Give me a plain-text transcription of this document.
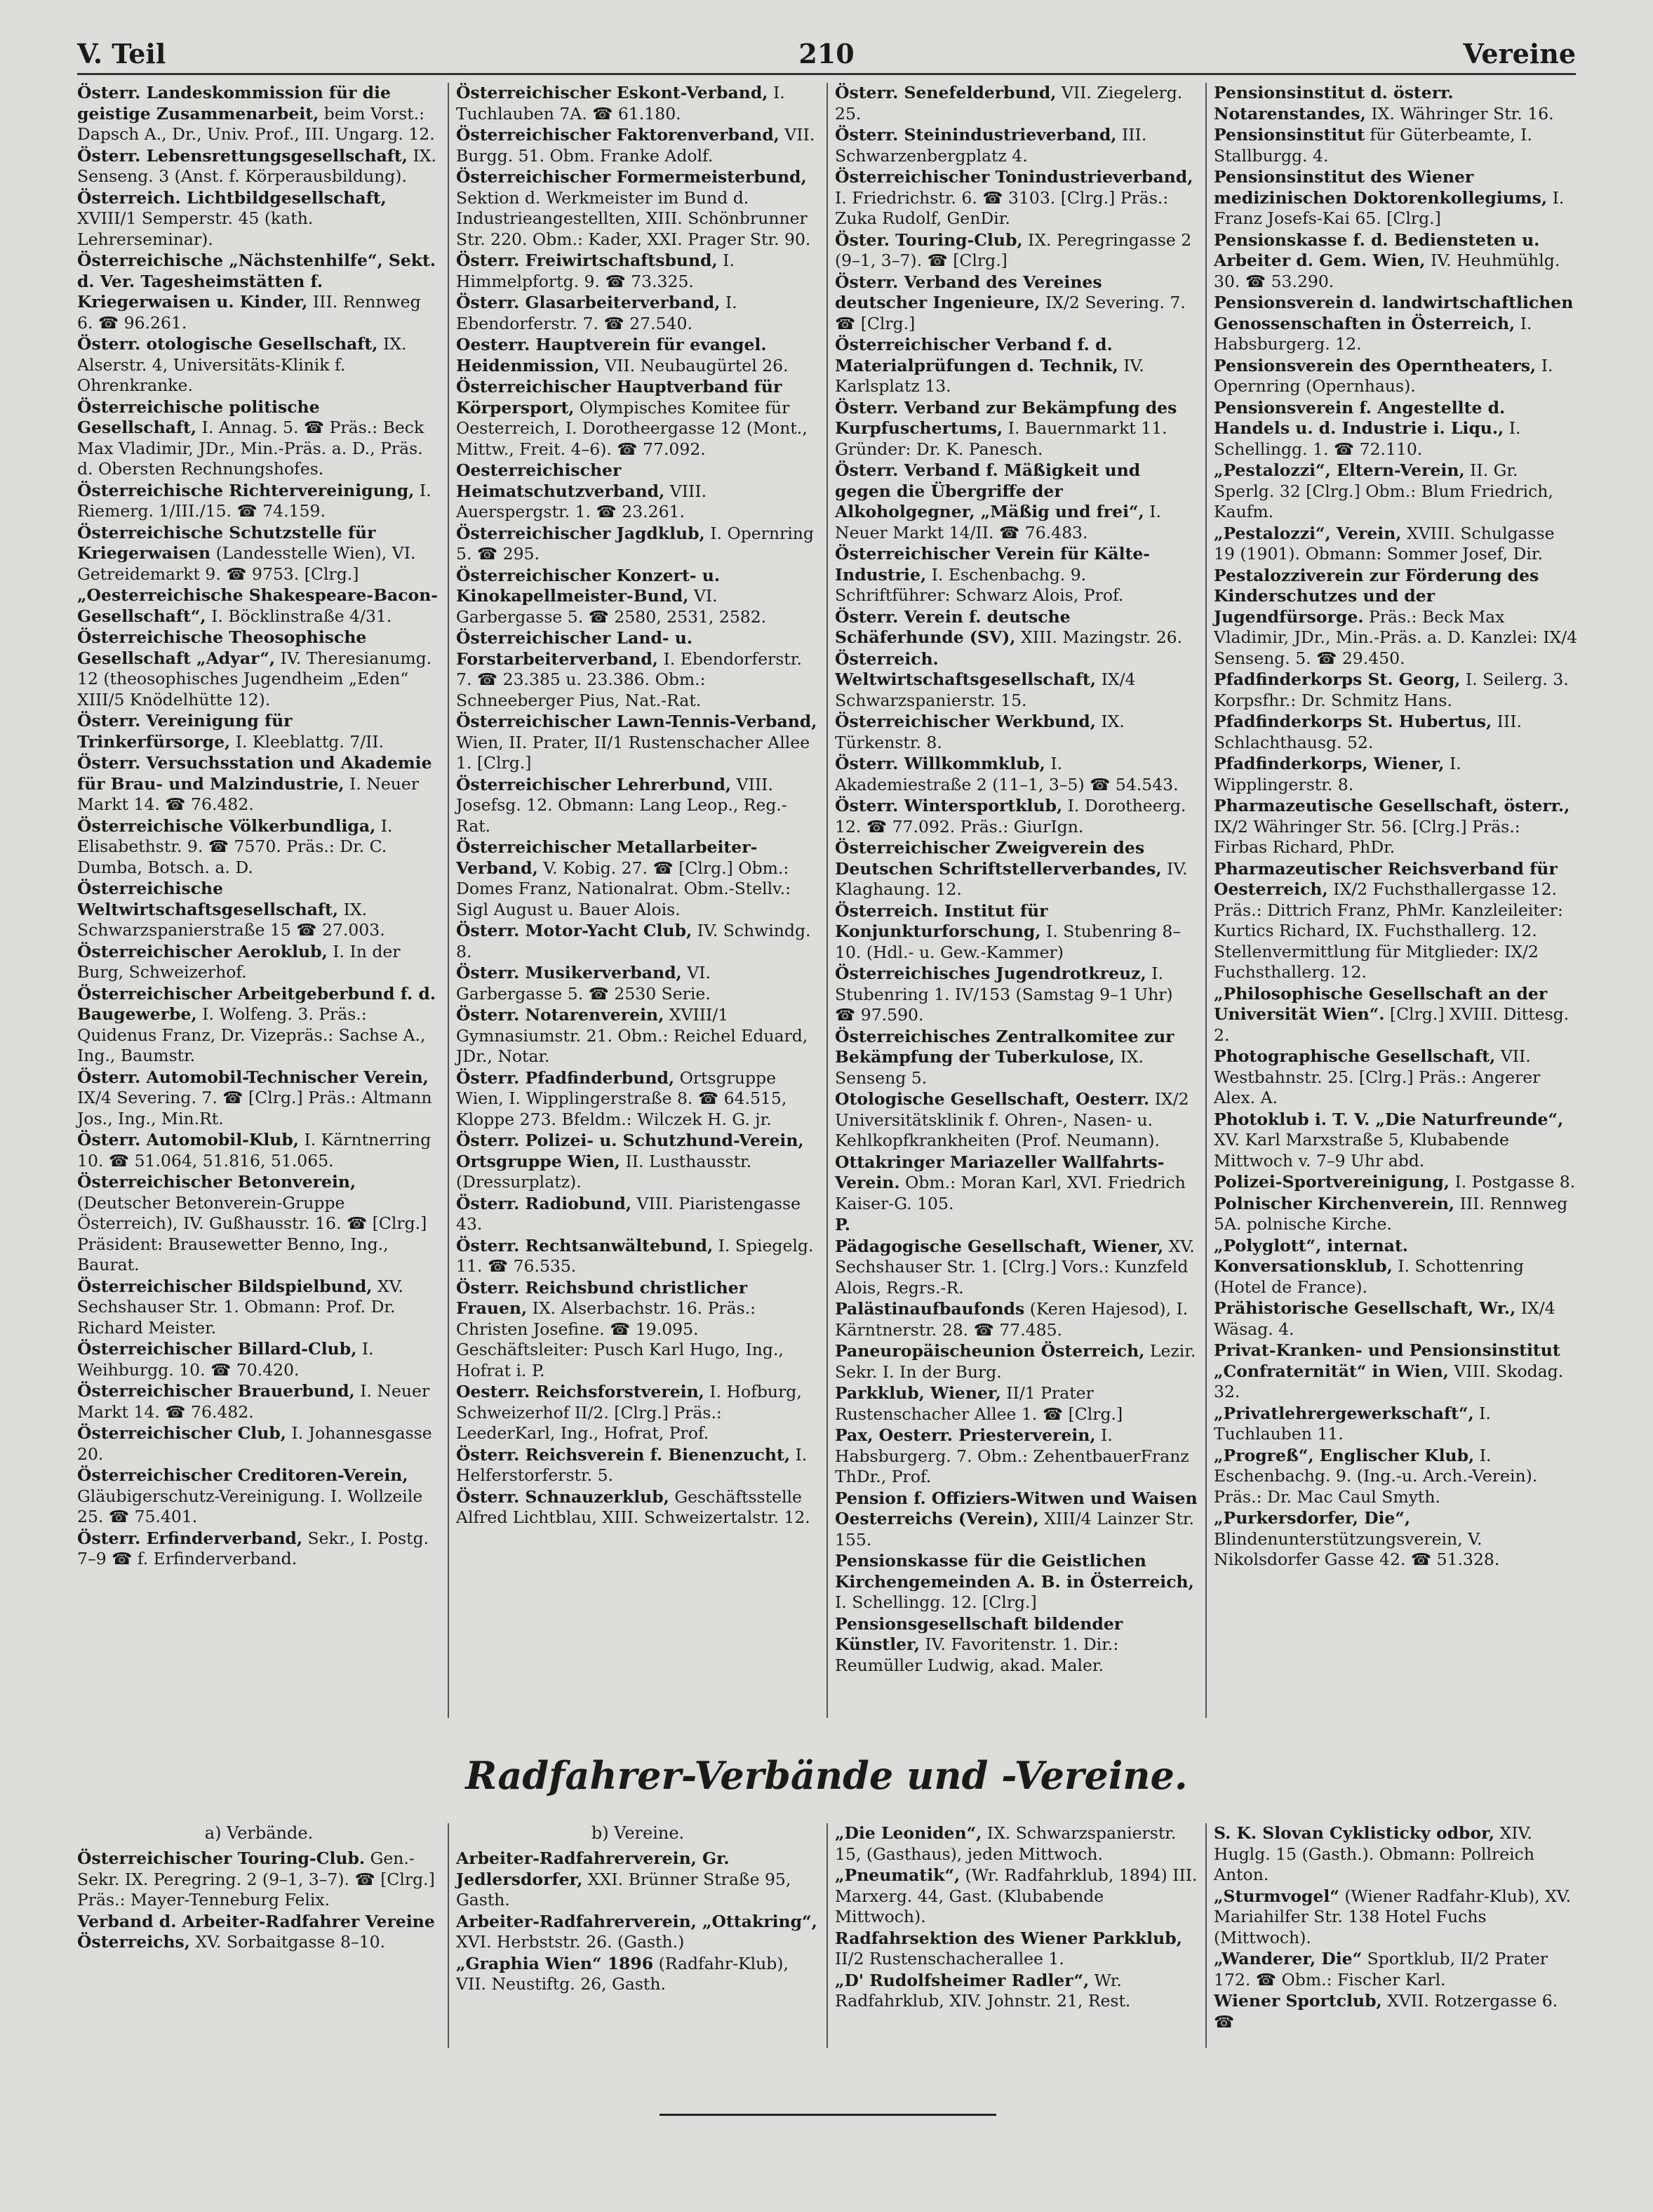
V. Teil	210	Vereine
Österr. Landeskommission für die geistige Zusammenarbeit, beim Vorst.: Dapsch A., Dr., Univ. Prof., III. Ungarg. 12.
Österr. Lebensrettungsgesellschaft, IX. Senseng. 3 (Anst. f. Körperausbildung).
Österreich. Lichtbildgesellschaft, XVIII/1 Semperstr. 45 (kath. Lehrerseminar).
Österreichische „Nächstenhilfe“, Sekt. d. Ver. Tagesheimstätten f. Kriegerwaisen u. Kinder, III. Rennweg 6. ☎ 96.261.
Österr. otologische Gesellschaft, IX. Alserstr. 4, Universitäts-Klinik f. Ohrenkranke.
Österreichische politische Gesellschaft, I. Annag. 5. ☎ Präs.: Beck Max Vladimir, JDr., Min.-Präs. a. D., Präs. d. Obersten Rechnungshofes.
Österreichische Richtervereinigung, I. Riemerg. 1/III./15. ☎ 74.159.
Österreichische Schutzstelle für Kriegerwaisen (Landesstelle Wien), VI. Getreidemarkt 9. ☎ 9753. [Clrg.]
„Oesterreichische Shakespeare-Bacon-Gesellschaft“, I. Böcklinstraße 4/31.
Österreichische Theosophische Gesellschaft „Adyar“, IV. Theresianumg. 12 (theosophisches Jugendheim „Eden“ XIII/5 Knödelhütte 12).
Österr. Vereinigung für Trinkerfürsorge, I. Kleeblattg. 7/II.
Österr. Versuchsstation und Akademie für Brau- und Malzindustrie, I. Neuer Markt 14. ☎ 76.482.
Österreichische Völkerbundliga, I. Elisabethstr. 9. ☎ 7570. Präs.: Dr. C. Dumba, Botsch. a. D.
Österreichische Weltwirtschaftsgesellschaft, IX. Schwarzspanierstraße 15 ☎ 27.003.
Österreichischer Aeroklub, I. In der Burg, Schweizerhof.
Österreichischer Arbeitgeberbund f. d. Baugewerbe, I. Wolfeng. 3. Präs.: Quidenus Franz, Dr. Vizepräs.: Sachse A., Ing., Baumstr.
Österr. Automobil-Technischer Verein, IX/4 Severing. 7. ☎ [Clrg.] Präs.: Altmann Jos., Ing., Min.Rt.
Österr. Automobil-Klub, I. Kärntnerring 10. ☎ 51.064, 51.816, 51.065.
Österreichischer Betonverein, (Deutscher Betonverein-Gruppe Österreich), IV. Gußhausstr. 16. ☎ [Clrg.] Präsident: Brausewetter Benno, Ing., Baurat.
Österreichischer Bildspielbund, XV. Sechshauser Str. 1. Obmann: Prof. Dr. Richard Meister.
Österreichischer Billard-Club, I. Weihburgg. 10. ☎ 70.420.
Österreichischer Brauerbund, I. Neuer Markt 14. ☎ 76.482.
Österreichischer Club, I. Johannesgasse 20.
Österreichischer Creditoren-Verein, Gläubigerschutz-Vereinigung. I. Wollzeile 25. ☎ 75.401.
Österr. Erfinderverband, Sekr., I. Postg. 7–9 ☎ f. Erfinderverband.
Österreichischer Eskont-Verband, I. Tuchlauben 7A. ☎ 61.180.
Österreichischer Faktorenverband, VII. Burgg. 51. Obm. Franke Adolf.
Österreichischer Formermeisterbund, Sektion d. Werkmeister im Bund d. Industrieangestellten, XIII. Schönbrunner Str. 220. Obm.: Kader, XXI. Prager Str. 90.
Österr. Freiwirtschaftsbund, I. Himmelpfortg. 9. ☎ 73.325.
Österr. Glasarbeiterverband, I. Ebendorferstr. 7. ☎ 27.540.
Oesterr. Hauptverein für evangel. Heidenmission, VII. Neubaugürtel 26.
Österreichischer Hauptverband für Körpersport, Olympisches Komitee für Oesterreich, I. Dorotheergasse 12 (Mont., Mittw., Freit. 4–6). ☎ 77.092.
Oesterreichischer Heimatschutzverband, VIII. Auerspergstr. 1. ☎ 23.261.
Österreichischer Jagdklub, I. Opernring 5. ☎ 295.
Österreichischer Konzert- u. Kinokapellmeister-Bund, VI. Garbergasse 5. ☎ 2580, 2531, 2582.
Österreichischer Land- u. Forstarbeiterverband, I. Ebendorferstr. 7. ☎ 23.385 u. 23.386. Obm.: Schneeberger Pius, Nat.-Rat.
Österreichischer Lawn-Tennis-Verband, Wien, II. Prater, II/1 Rustenschacher Allee 1. [Clrg.]
Österreichischer Lehrerbund, VIII. Josefsg. 12. Obmann: Lang Leop., Reg.-Rat.
Österreichischer Metallarbeiter-Verband, V. Kobig. 27. ☎ [Clrg.] Obm.: Domes Franz, Nationalrat. Obm.-Stellv.: Sigl August u. Bauer Alois.
Österr. Motor-Yacht Club, IV. Schwindg. 8.
Österr. Musikerverband, VI. Garbergasse 5. ☎ 2530 Serie.
Österr. Notarenverein, XVIII/1 Gymnasiumstr. 21. Obm.: Reichel Eduard, JDr., Notar.
Österr. Pfadfinderbund, Ortsgruppe Wien, I. Wipplingerstraße 8. ☎ 64.515, Kloppe 273. Bfeldm.: Wilczek H. G. jr.
Österr. Polizei- u. Schutzhund-Verein, Ortsgruppe Wien, II. Lusthausstr. (Dressurplatz).
Österr. Radiobund, VIII. Piaristengasse 43.
Österr. Rechtsanwältebund, I. Spiegelg. 11. ☎ 76.535.
Österr. Reichsbund christlicher Frauen, IX. Alserbachstr. 16. Präs.: Christen Josefine. ☎ 19.095. Geschäftsleiter: Pusch Karl Hugo, Ing., Hofrat i. P.
Oesterr. Reichsforstverein, I. Hofburg, Schweizerhof II/2. [Clrg.] Präs.: LeederKarl, Ing., Hofrat, Prof.
Österr. Reichsverein f. Bienenzucht, I. Helferstorferstr. 5.
Österr. Schnauzerklub, Geschäftsstelle Alfred Lichtblau, XIII. Schweizertalstr. 12.
Österr. Senefelderbund, VII. Ziegelerg. 25.
Österr. Steinindustrieverband, III. Schwarzenbergplatz 4.
Österreichischer Tonindustrieverband, I. Friedrichstr. 6. ☎ 3103. [Clrg.] Präs.: Zuka Rudolf, GenDir.
Öster. Touring-Club, IX. Peregringasse 2 (9–1, 3–7). ☎ [Clrg.]
Österr. Verband des Vereines deutscher Ingenieure, IX/2 Severing. 7. ☎ [Clrg.]
Österreichischer Verband f. d. Materialprüfungen d. Technik, IV. Karlsplatz 13.
Österr. Verband zur Bekämpfung des Kurpfuschertums, I. Bauernmarkt 11. Gründer: Dr. K. Panesch.
Österr. Verband f. Mäßigkeit und gegen die Übergriffe der Alkoholgegner, „Mäßig und frei“, I. Neuer Markt 14/II. ☎ 76.483.
Österreichischer Verein für Kälte-Industrie, I. Eschenbachg. 9. Schriftführer: Schwarz Alois, Prof.
Österr. Verein f. deutsche Schäferhunde (SV), XIII. Mazingstr. 26.
Österreich. Weltwirtschaftsgesellschaft, IX/4 Schwarzspanierstr. 15.
Österreichischer Werkbund, IX. Türkenstr. 8.
Österr. Willkommklub, I. Akademiestraße 2 (11–1, 3–5) ☎ 54.543.
Österr. Wintersportklub, I. Dorotheerg. 12. ☎ 77.092. Präs.: GiurIgn.
Österreichischer Zweigverein des Deutschen Schriftstellerverbandes, IV. Klaghaung. 12.
Österreich. Institut für Konjunkturforschung, I. Stubenring 8–10. (Hdl.- u. Gew.-Kammer)
Österreichisches Jugendrotkreuz, I. Stubenring 1. IV/153 (Samstag 9–1 Uhr) ☎ 97.590.
Österreichisches Zentralkomitee zur Bekämpfung der Tuberkulose, IX. Senseng 5.
Otologische Gesellschaft, Oesterr. IX/2 Universitätsklinik f. Ohren-, Nasen- u. Kehlkopfkrankheiten (Prof. Neumann).
Ottakringer Mariazeller Wallfahrts-Verein. Obm.: Moran Karl, XVI. Friedrich Kaiser-G. 105.
P.
Pädagogische Gesellschaft, Wiener, XV. Sechshauser Str. 1. [Clrg.] Vors.: Kunzfeld Alois, Regrs.-R.
Palästinaufbaufonds (Keren Hajesod), I. Kärntnerstr. 28. ☎ 77.485.
Paneuropäischeunion Österreich, Lezir. Sekr. I. In der Burg.
Parkklub, Wiener, II/1 Prater Rustenschacher Allee 1. ☎ [Clrg.]
Pax, Oesterr. Priesterverein, I. Habsburgerg. 7. Obm.: ZehentbauerFranz ThDr., Prof.
Pension f. Offiziers-Witwen und Waisen Oesterreichs (Verein), XIII/4 Lainzer Str. 155.
Pensionskasse für die Geistlichen Kirchengemeinden A. B. in Österreich, I. Schellingg. 12. [Clrg.]
Pensionsgesellschaft bildender Künstler, IV. Favoritenstr. 1. Dir.: Reumüller Ludwig, akad. Maler.
Pensionsinstitut d. österr. Notarenstandes, IX. Währinger Str. 16.
Pensionsinstitut für Güterbeamte, I. Stallburgg. 4.
Pensionsinstitut des Wiener medizinischen Doktorenkollegiums, I. Franz Josefs-Kai 65. [Clrg.]
Pensionskasse f. d. Bediensteten u. Arbeiter d. Gem. Wien, IV. Heuhmühlg. 30. ☎ 53.290.
Pensionsverein d. landwirtschaftlichen Genossenschaften in Österreich, I. Habsburgerg. 12.
Pensionsverein des Operntheaters, I. Opernring (Opernhaus).
Pensionsverein f. Angestellte d. Handels u. d. Industrie i. Liqu., I. Schellingg. 1. ☎ 72.110.
„Pestalozzi“, Eltern-Verein, II. Gr. Sperlg. 32 [Clrg.] Obm.: Blum Friedrich, Kaufm.
„Pestalozzi“, Verein, XVIII. Schulgasse 19 (1901). Obmann: Sommer Josef, Dir.
Pestalozziverein zur Förderung des Kinderschutzes und der Jugendfürsorge. Präs.: Beck Max Vladimir, JDr., Min.-Präs. a. D. Kanzlei: IX/4 Senseng. 5. ☎ 29.450.
Pfadfinderkorps St. Georg, I. Seilerg. 3. Korpsfhr.: Dr. Schmitz Hans.
Pfadfinderkorps St. Hubertus, III. Schlachthausg. 52.
Pfadfinderkorps, Wiener, I. Wipplingerstr. 8.
Pharmazeutische Gesellschaft, österr., IX/2 Währinger Str. 56. [Clrg.] Präs.: Firbas Richard, PhDr.
Pharmazeutischer Reichsverband für Oesterreich, IX/2 Fuchsthallergasse 12. Präs.: Dittrich Franz, PhMr. Kanzleileiter: Kurtics Richard, IX. Fuchsthallerg. 12. Stellenvermittlung für Mitglieder: IX/2 Fuchsthallerg. 12.
„Philosophische Gesellschaft an der Universität Wien“. [Clrg.] XVIII. Dittesg. 2.
Photographische Gesellschaft, VII. Westbahnstr. 25. [Clrg.] Präs.: Angerer Alex. A.
Photoklub i. T. V. „Die Naturfreunde“, XV. Karl Marxstraße 5, Klubabende Mittwoch v. 7–9 Uhr abd.
Polizei-Sportvereinigung, I. Postgasse 8.
Polnischer Kirchenverein, III. Rennweg 5A. polnische Kirche.
„Polyglott“, internat. Konversationsklub, I. Schottenring (Hotel de France).
Prähistorische Gesellschaft, Wr., IX/4 Wäsag. 4.
Privat-Kranken- und Pensionsinstitut „Confraternität“ in Wien, VIII. Skodag. 32.
„Privatlehrergewerkschaft“, I. Tuchlauben 11.
„Progreß“, Englischer Klub, I. Eschenbachg. 9. (Ing.-u. Arch.-Verein). Präs.: Dr. Mac Caul Smyth.
„Purkersdorfer, Die“, Blindenunterstützungsverein, V. Nikolsdorfer Gasse 42. ☎ 51.328.
Radfahrer-Verbände und -Vereine.
a) Verbände.
Österreichischer Touring-Club. Gen.-Sekr. IX. Peregring. 2 (9–1, 3–7). ☎ [Clrg.] Präs.: Mayer-Tenneburg Felix.
Verband d. Arbeiter-Radfahrer Vereine Österreichs, XV. Sorbaitgasse 8–10.
b) Vereine.
Arbeiter-Radfahrerverein, Gr. Jedlersdorfer, XXI. Brünner Straße 95, Gasth.
Arbeiter-Radfahrerverein, „Ottakring“, XVI. Herbststr. 26. (Gasth.)
„Graphia Wien“ 1896 (Radfahr-Klub), VII. Neustiftg. 26, Gasth.
„Die Leoniden“, IX. Schwarzspanierstr. 15, (Gasthaus), jeden Mittwoch.
„Pneumatik“, (Wr. Radfahrklub, 1894) III. Marxerg. 44, Gast. (Klubabende Mittwoch).
Radfahrsektion des Wiener Parkklub, II/2 Rustenschacherallee 1.
„D' Rudolfsheimer Radler“, Wr. Radfahrklub, XIV. Johnstr. 21, Rest.
S. K. Slovan Cyklisticky odbor, XIV. Huglg. 15 (Gasth.). Obmann: Pollreich Anton.
„Sturmvogel“ (Wiener Radfahr-Klub), XV. Mariahilfer Str. 138 Hotel Fuchs (Mittwoch).
„Wanderer, Die“ Sportklub, II/2 Prater 172. ☎ Obm.: Fischer Karl.
Wiener Sportclub, XVII. Rotzergasse 6. ☎
